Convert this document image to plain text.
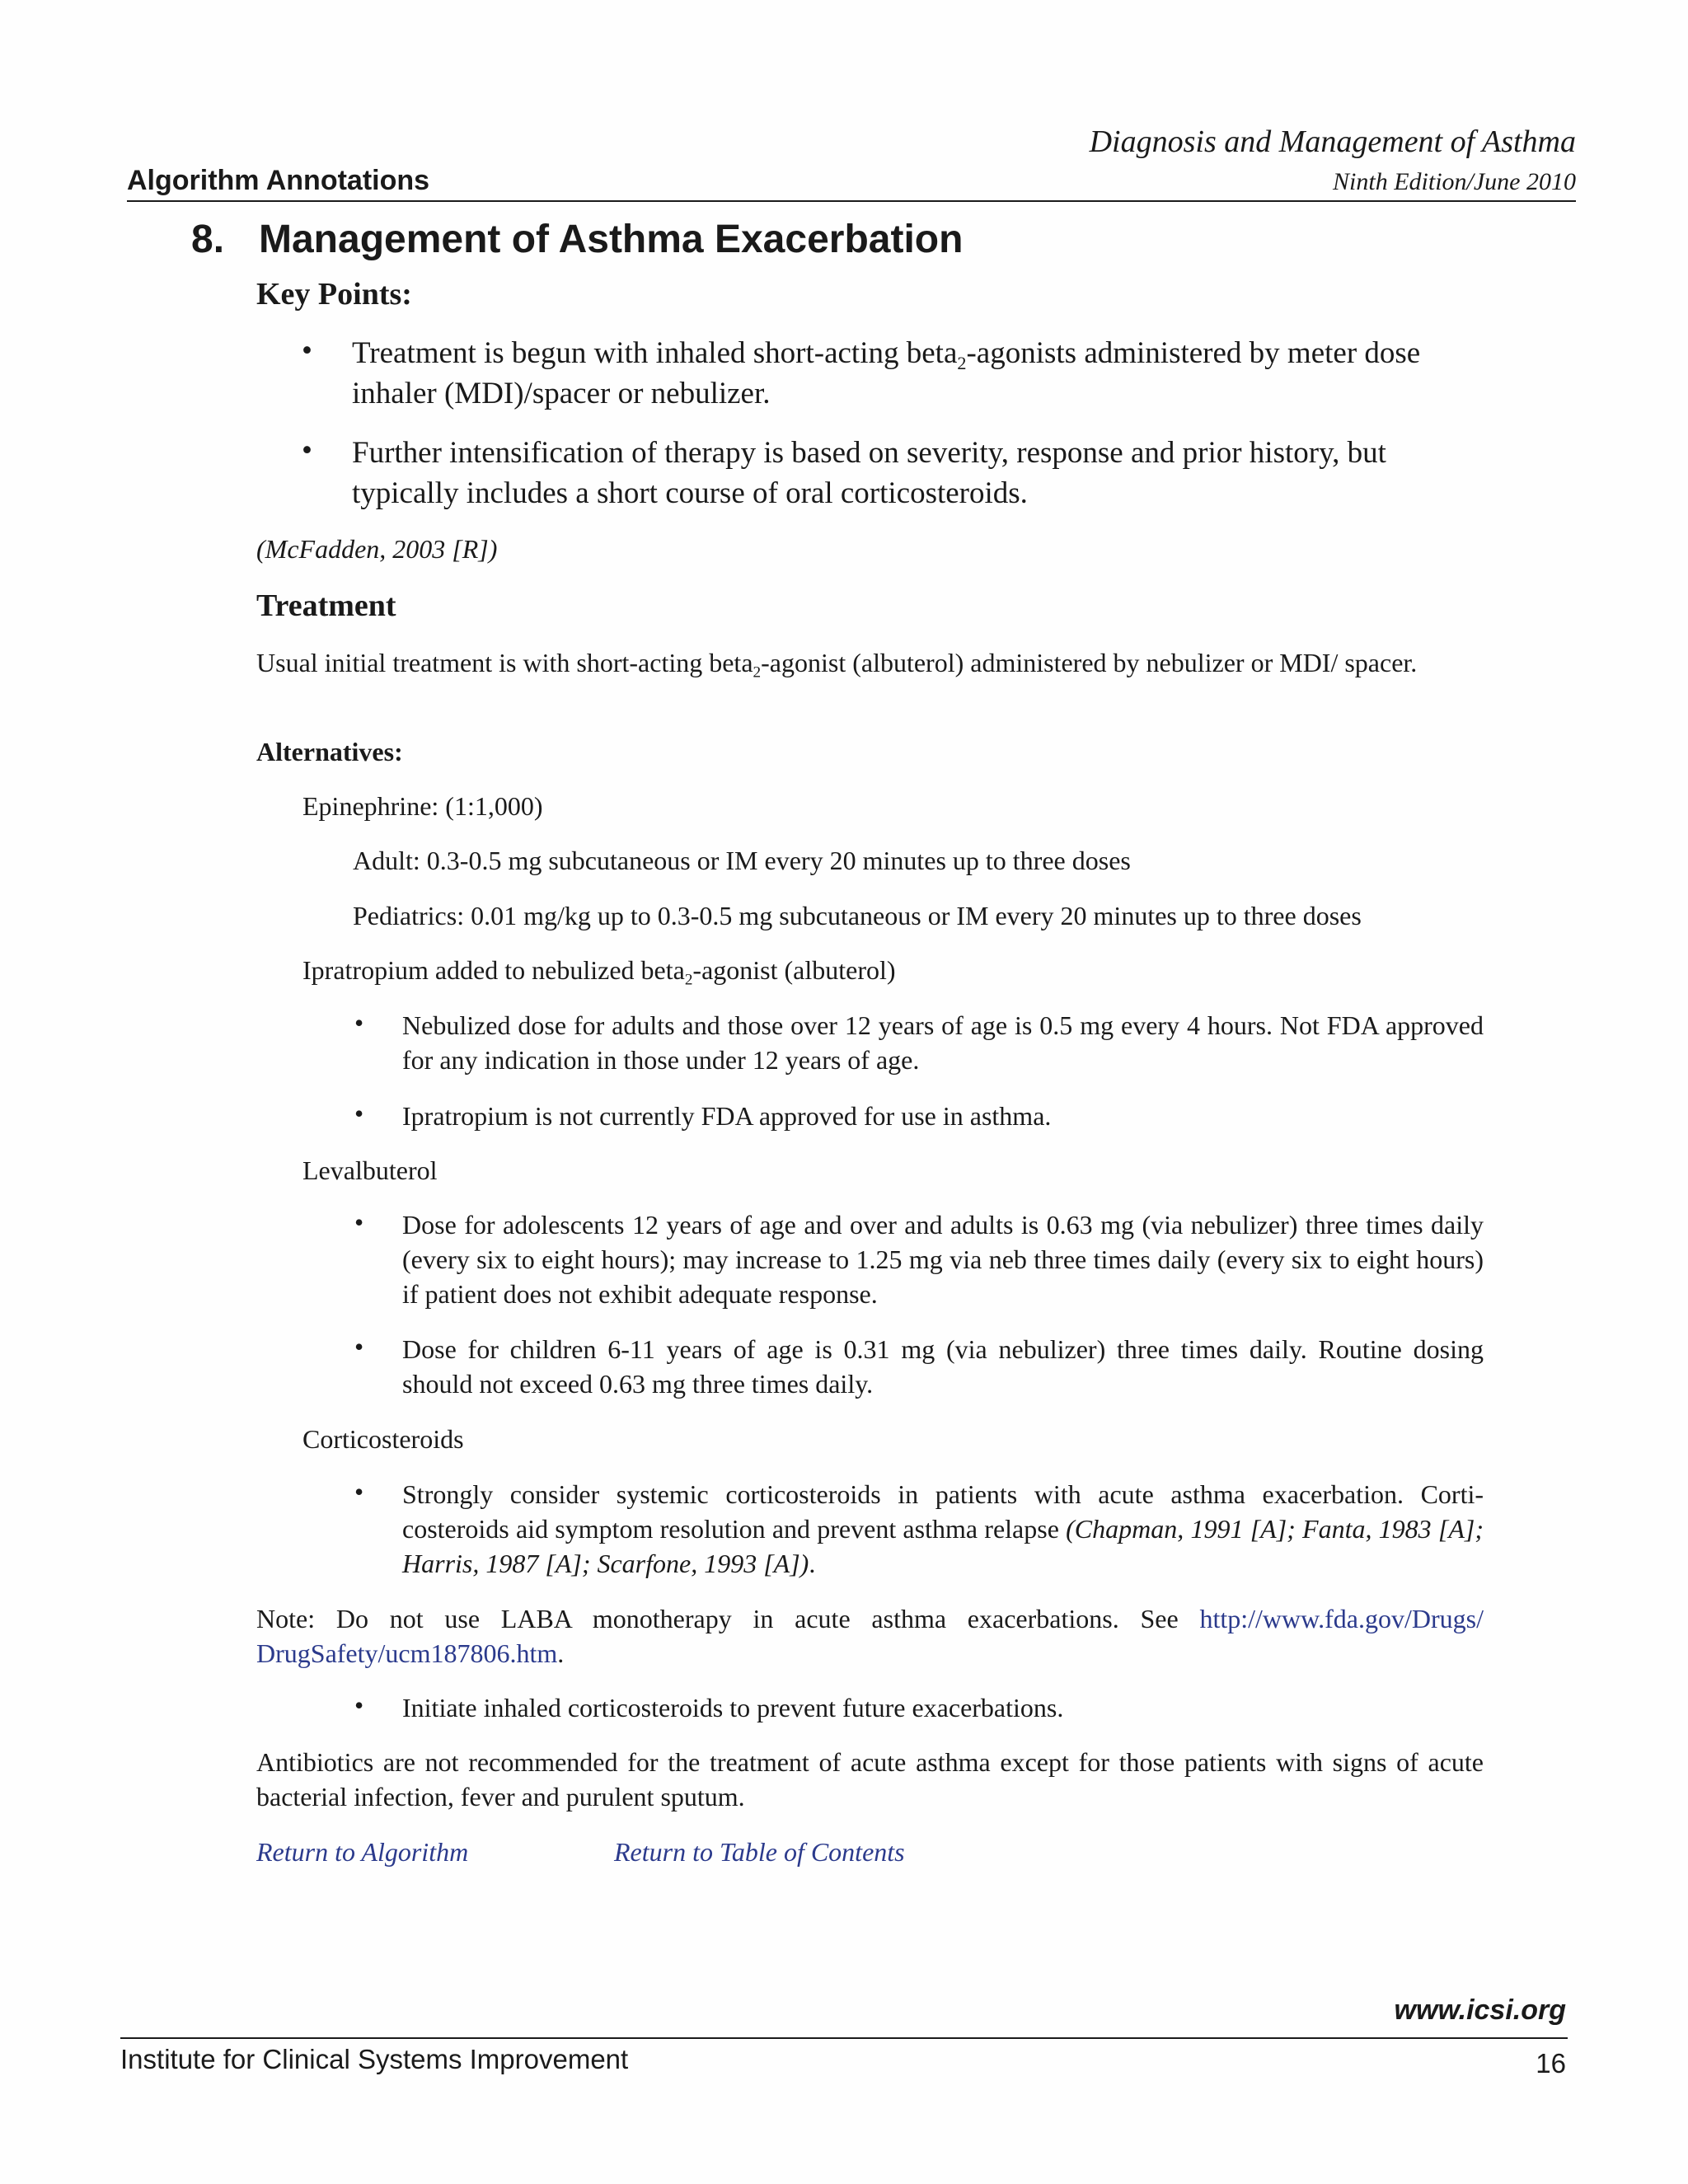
Diagnosis and Management of Asthma
Ninth Edition/June 2010
Algorithm Annotations
8. Management of Asthma Exacerbation
Key Points:
• Treatment is begun with inhaled short-acting beta$_2$-agonists administered by meter dose inhaler (MDI)/spacer or nebulizer.
• Further intensification of therapy is based on severity, response and prior history, but typically includes a short course of oral corticosteroids.
(McFadden, 2003 [R])
Treatment
Usual initial treatment is with short-acting beta$_2$-agonist (albuterol) administered by nebulizer or MDI/ spacer.
Alternatives:
Epinephrine: (1:1,000)
Adult: 0.3-0.5 mg subcutaneous or IM every 20 minutes up to three doses
Pediatrics: 0.01 mg/kg up to 0.3-0.5 mg subcutaneous or IM every 20 minutes up to three doses
Ipratropium added to nebulized beta$_2$-agonist (albuterol)
• Nebulized dose for adults and those over 12 years of age is 0.5 mg every 4 hours. Not FDA approved for any indication in those under 12 years of age.
• Ipratropium is not currently FDA approved for use in asthma.
Levalbuterol
• Dose for adolescents 12 years of age and over and adults is 0.63 mg (via nebulizer) three times daily (every six to eight hours); may increase to 1.25 mg via neb three times daily (every six to eight hours) if patient does not exhibit adequate response.
• Dose for children 6-11 years of age is 0.31 mg (via nebulizer) three times daily. Routine dosing should not exceed 0.63 mg three times daily.
Corticosteroids
• Strongly consider systemic corticosteroids in patients with acute asthma exacerbation. Corti- costeroids aid symptom resolution and prevent asthma relapse (Chapman, 1991 [A]; Fanta, 1983 [A]; Harris, 1987 [A]; Scarfone, 1993 [A]).
Note: Do not use LABA monotherapy in acute asthma exacerbations. See http://www.fda.gov/Drugs/ DrugSafety/ucm187806.htm.
• Initiate inhaled corticosteroids to prevent future exacerbations.
Antibiotics are not recommended for the treatment of acute asthma except for those patients with signs of acute bacterial infection, fever and purulent sputum.
Return to Algorithm	Return to Table of Contents
www.icsi.org
Institute for Clinical Systems Improvement	16
